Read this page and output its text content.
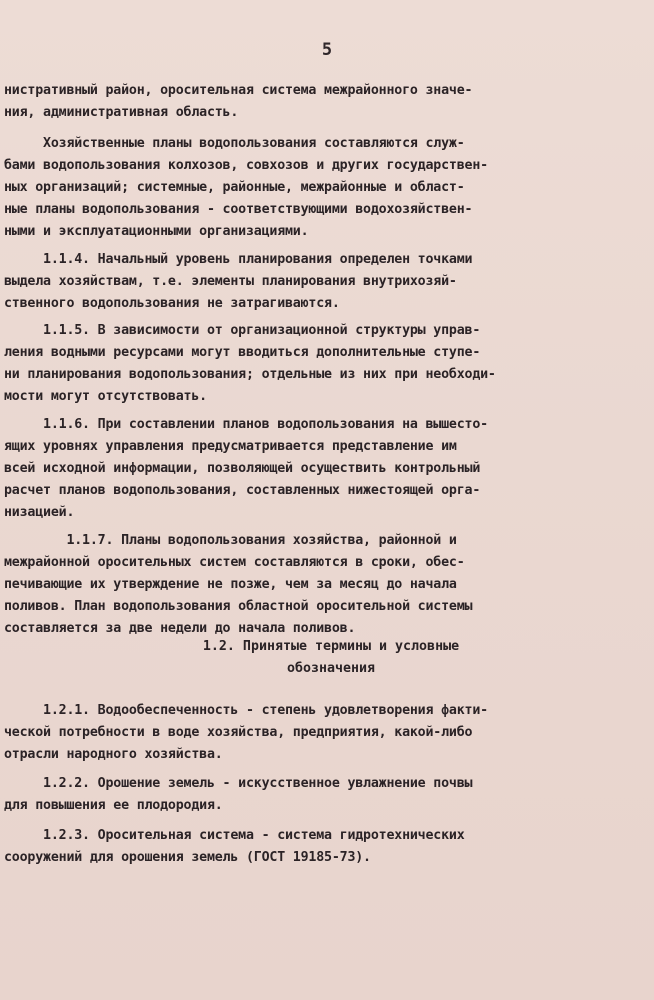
5
нистративный район, оросительная система межрайонного значе-
ния, административная область.
Хозяйственные планы водопользования составляются служ-
бами водопользования колхозов, совхозов и других государствен-
ных организаций; системные, районные, межрайонные и област-
ные планы водопользования - соответствующими водохозяйствен-
ными и эксплуатационными организациями.
1.1.4. Начальный уровень планирования определен точками
выдела хозяйствам, т.е. элементы планирования внутрихозяй-
ственного водопользования не затрагиваются.
1.1.5. В зависимости от организационной структуры управ-
ления водными ресурсами могут вводиться дополнительные ступе-
ни планирования водопользования; отдельные из них при необходи-
мости могут отсутствовать.
1.1.6. При составлении планов водопользования на вышесто-
ящих уровнях управления предусматривается представление им
всей исходной информации, позволяющей осуществить контрольный
расчет планов водопользования, составленных нижестоящей орга-
низацией.
1.1.7. Планы водопользования хозяйства, районной и
межрайонной оросительных систем составляются в сроки, обес-
печивающие их утверждение не позже, чем за месяц до начала
поливов. План водопользования областной оросительной системы
составляется за две недели до начала поливов.
1.2. Принятые термины и условные
обозначения
1.2.1. Водообеспеченность - степень удовлетворения факти-
ческой потребности в воде хозяйства, предприятия, какой-либо
отрасли народного хозяйства.
1.2.2. Орошение земель - искусственное увлажнение почвы
для повышения ее плодородия.
1.2.3. Оросительная система - система гидротехнических
сооружений для орошения земель (ГОСТ 19185-73).
